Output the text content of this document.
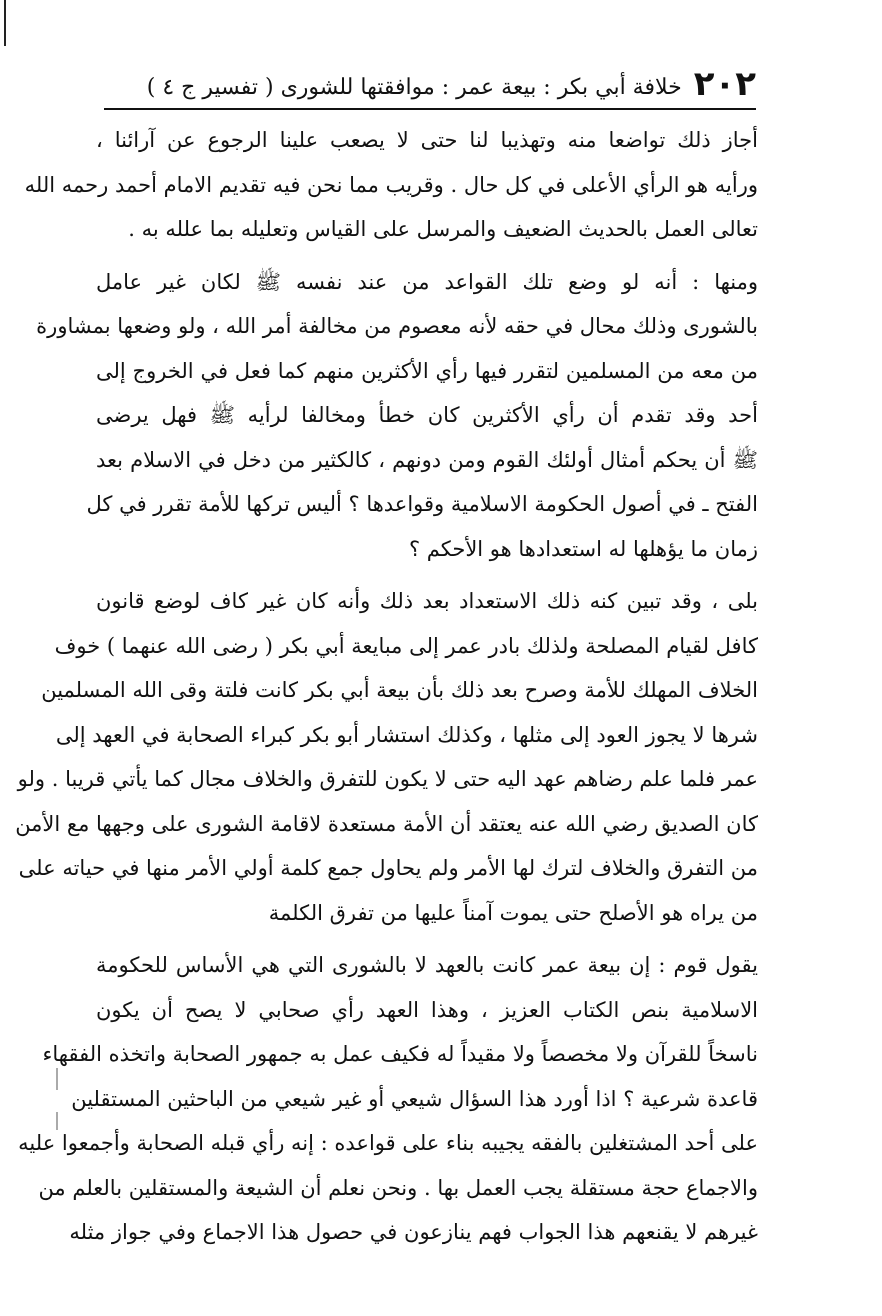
٢٠٢
خلافة أبي بكر : بيعة عمر : موافقتها للشورى ( تفسير ج ٤ )
أجاز ذلك تواضعا منه وتهذيبا لنا حتى لا يصعب علينا الرجوع عن آرائنا ،
ورأيه هو الرأي الأعلى في كل حال . وقريب مما نحن فيه تقديم الامام أحمد رحمه الله
تعالى العمل بالحديث الضعيف والمرسل على القياس وتعليله بما علله به .
ومنها : أنه لو وضع تلك القواعد من عند نفسه ﷺ لكان غير عامل
بالشورى وذلك محال في حقه لأنه معصوم من مخالفة أمر الله ، ولو وضعها بمشاورة
من معه من المسلمين لتقرر فيها رأي الأكثرين منهم كما فعل في الخروج إلى
أحد وقد تقدم أن رأي الأكثرين كان خطأ ومخالفا لرأيه ﷺ فهل يرضى
ﷺ أن يحكم أمثال أولئك القوم ومن دونهم ، كالكثير من دخل في الاسلام بعد
الفتح ـ في أصول الحكومة الاسلامية وقواعدها ؟ أليس تركها للأمة تقرر في كل
زمان ما يؤهلها له استعدادها هو الأحكم ؟
بلى ، وقد تبين كنه ذلك الاستعداد بعد ذلك وأنه كان غير كاف لوضع قانون
كافل لقيام المصلحة ولذلك بادر عمر إلى مبايعة أبي بكر ( رضى الله عنهما ) خوف
الخلاف المهلك للأمة وصرح بعد ذلك بأن بيعة أبي بكر كانت فلتة وقى الله المسلمين
شرها لا يجوز العود إلى مثلها ، وكذلك استشار أبو بكر كبراء الصحابة في العهد إلى
عمر فلما علم رضاهم عهد اليه حتى لا يكون للتفرق والخلاف مجال كما يأتي قريبا . ولو
كان الصديق رضي الله عنه يعتقد أن الأمة مستعدة لاقامة الشورى على وجهها مع الأمن
من التفرق والخلاف لترك لها الأمر ولم يحاول جمع كلمة أولي الأمر منها في حياته على
من يراه هو الأصلح حتى يموت آمناً عليها من تفرق الكلمة
يقول قوم : إن بيعة عمر كانت بالعهد لا بالشورى التي هي الأساس للحكومة
الاسلامية بنص الكتاب العزيز ، وهذا العهد رأي صحابي لا يصح أن يكون
ناسخاً للقرآن ولا مخصصاً ولا مقيداً له فكيف عمل به جمهور الصحابة واتخذه الفقهاء
قاعدة شرعية ؟ اذا أورد هذا السؤال شيعي أو غير شيعي من الباحثين المستقلين
على أحد المشتغلين بالفقه يجيبه بناء على قواعده : إنه رأي قبله الصحابة وأجمعوا عليه
والاجماع حجة مستقلة يجب العمل بها . ونحن نعلم أن الشيعة والمستقلين بالعلم من
غيرهم لا يقنعهم هذا الجواب فهم ينازعون في حصول هذا الاجماع وفي جواز مثله
